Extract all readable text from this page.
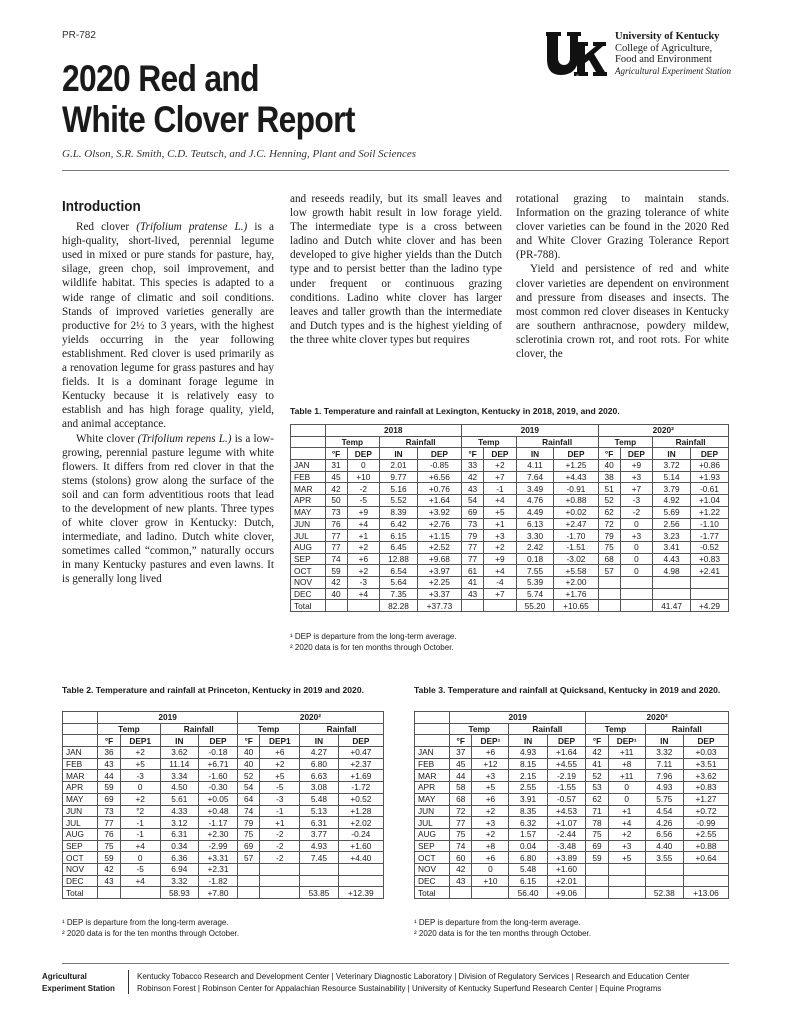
PR-782
2020 Red and
White Clover Report
G.L. Olson, S.R. Smith, C.D. Teutsch, and J.C. Henning, Plant and Soil Sciences
UK
University of Kentucky
College of Agriculture,
Food and Environment
Agricultural Experiment Station
Introduction

Red clover (Trifolium pratense L.) is a high-quality, short-lived, perennial legume used in mixed or pure stands for pasture, hay, silage, green chop, soil improvement, and wildlife habitat. This species is adapted to a wide range of climatic and soil conditions. Stands of improved varieties generally are productive for 2½ to 3 years, with the highest yields occurring in the year following establishment. Red clover is used primarily as a renovation legume for grass pastures and hay fields. It is a dominant forage legume in Kentucky because it is relatively easy to establish and has high forage quality, yield, and animal acceptance.

White clover (Trifolium repens L.) is a low-growing, perennial pasture legume with white flowers. It differs from red clover in that the stems (stolons) grow along the surface of the soil and can form adventitious roots that lead to the development of new plants. Three types of white clover grow in Kentucky: Dutch, intermediate, and ladino. Dutch white clover, sometimes called “common,” naturally occurs in many Kentucky pastures and even lawns. It is generally long lived

and reseeds readily, but its small leaves and low growth habit result in low forage yield. The intermediate type is a cross between ladino and Dutch white clover and has been developed to give higher yields than the Dutch type and to persist better than the ladino type under frequent or continuous grazing conditions. Ladino white clover has larger leaves and taller growth than the intermediate and Dutch types and is the highest yielding of the three white clover types but requires

rotational grazing to maintain stands. Information on the grazing tolerance of white clover varieties can be found in the 2020 Red and White Clover Grazing Tolerance Report (PR-788).

Yield and persistence of red and white clover varieties are dependent on environment and pressure from diseases and insects. The most common red clover diseases in Kentucky are southern anthracnose, powdery mildew, sclerotinia crown rot, and root rots. For white clover, the

Table 1. Temperature and rainfall at Lexington, Kentucky in 2018, 2019, and 2020.
	2018				2019				2020²			
	Temp		Rainfall		Temp		Rainfall		Temp		Rainfall	
	°F	DEP	IN	DEP	°F	DEP	IN	DEP	°F	DEP	IN	DEP
JAN	31	0	2.01	-0.85	33	+2	4.11	+1.25	40	+9	3.72	+0.86
FEB	45	+10	9.77	+6.56	42	+7	7.64	+4.43	38	+3	5.14	+1.93
MAR	42	-2	5.16	+0.76	43	-1	3.49	-0.91	51	+7	3.79	-0.61
APR	50	-5	5.52	+1.64	54	+4	4.76	+0.88	52	-3	4.92	+1.04
MAY	73	+9	8.39	+3.92	69	+5	4.49	+0.02	62	-2	5.69	+1.22
JUN	76	+4	6.42	+2.76	73	+1	6.13	+2.47	72	0	2.56	-1.10
JUL	77	+1	6.15	+1.15	79	+3	3.30	-1.70	79	+3	3.23	-1.77
AUG	77	+2	6.45	+2.52	77	+2	2.42	-1.51	75	0	3.41	-0.52
SEP	74	+6	12.88	+9.68	77	+9	0.18	-3.02	68	0	4.43	+0.83
OCT	59	+2	6.54	+3.97	61	+4	7.55	+5.58	57	0	4.98	+2.41
NOV	42	-3	5.64	+2.25	41	-4	5.39	+2.00				
DEC	40	+4	7.35	+3.37	43	+7	5.74	+1.76				
Total			82.28	+37.73			55.20	+10.65			41.47	+4.29
¹ DEP is departure from the long-term average.
² 2020 data is for ten months through October.
Table 2. Temperature and rainfall at Princeton, Kentucky in 2019 and 2020.
	2019				2020²			
	Temp		Rainfall		Temp		Rainfall	
	°F	DEP1	IN	DEP	°F	DEP1	IN	DEP
JAN	36	+2	3.62	-0.18	40	+6	4.27	+0.47
FEB	43	+5	11.14	+6.71	40	+2	6.80	+2.37
MAR	44	-3	3.34	-1.60	52	+5	6.63	+1.69
APR	59	0	4.50	-0.30	54	-5	3.08	-1.72
MAY	69	+2	5.61	+0.05	64	-3	5.48	+0.52
JUN	73	°2	4.33	+0.48	74	-1	5.13	+1.28
JUL	77	-1	3.12	-1.17	79	+1	6.31	+2.02
AUG	76	-1	6.31	+2.30	75	-2	3.77	-0.24
SEP	75	+4	0.34	-2.99	69	-2	4.93	+1.60
OCT	59	0	6.36	+3.31	57	-2	7.45	+4.40
NOV	42	-5	6.94	+2.31				
DEC	43	+4	3.32	-1.82				
Total			58.93	+7.80			53.85	+12.39
¹ DEP is departure from the long-term average.
² 2020 data is for the ten months through October.
Table 3. Temperature and rainfall at Quicksand, Kentucky in 2019 and 2020.
	2019				2020²			
	Temp		Rainfall		Temp		Rainfall	
	°F	DEP¹	IN	DEP	°F	DEP¹	IN	DEP
JAN	37	+6	4.93	+1.64	42	+11	3.32	+0.03
FEB	45	+12	8.15	+4.55	41	+8	7.11	+3.51
MAR	44	+3	2.15	-2.19	52	+11	7.96	+3.62
APR	58	+5	2.55	-1.55	53	0	4.93	+0.83
MAY	68	+6	3.91	-0.57	62	0	5.75	+1.27
JUN	72	+2	8.35	+4.53	71	+1	4.54	+0.72
JUL	77	+3	6.32	+1.07	78	+4	4.26	-0.99
AUG	75	+2	1.57	-2.44	75	+2	6.56	+2.55
SEP	74	+8	0.04	-3.48	69	+3	4.40	+0.88
OCT	60	+6	6.80	+3.89	59	+5	3.55	+0.64
NOV	42	0	5.48	+1.60				
DEC	43	+10	6.15	+2.01				
Total			56.40	+9.06			52.38	+13.06
¹ DEP is departure from the long-term average.
² 2020 data is for the ten months through October.
Agricultural
Experiment Station
Kentucky Tobacco Research and Development Center | Veterinary Diagnostic Laboratory | Division of Regulatory Services | Research and Education Center
Robinson Forest | Robinson Center for Appalachian Resource Sustainability | University of Kentucky Superfund Research Center | Equine Programs
